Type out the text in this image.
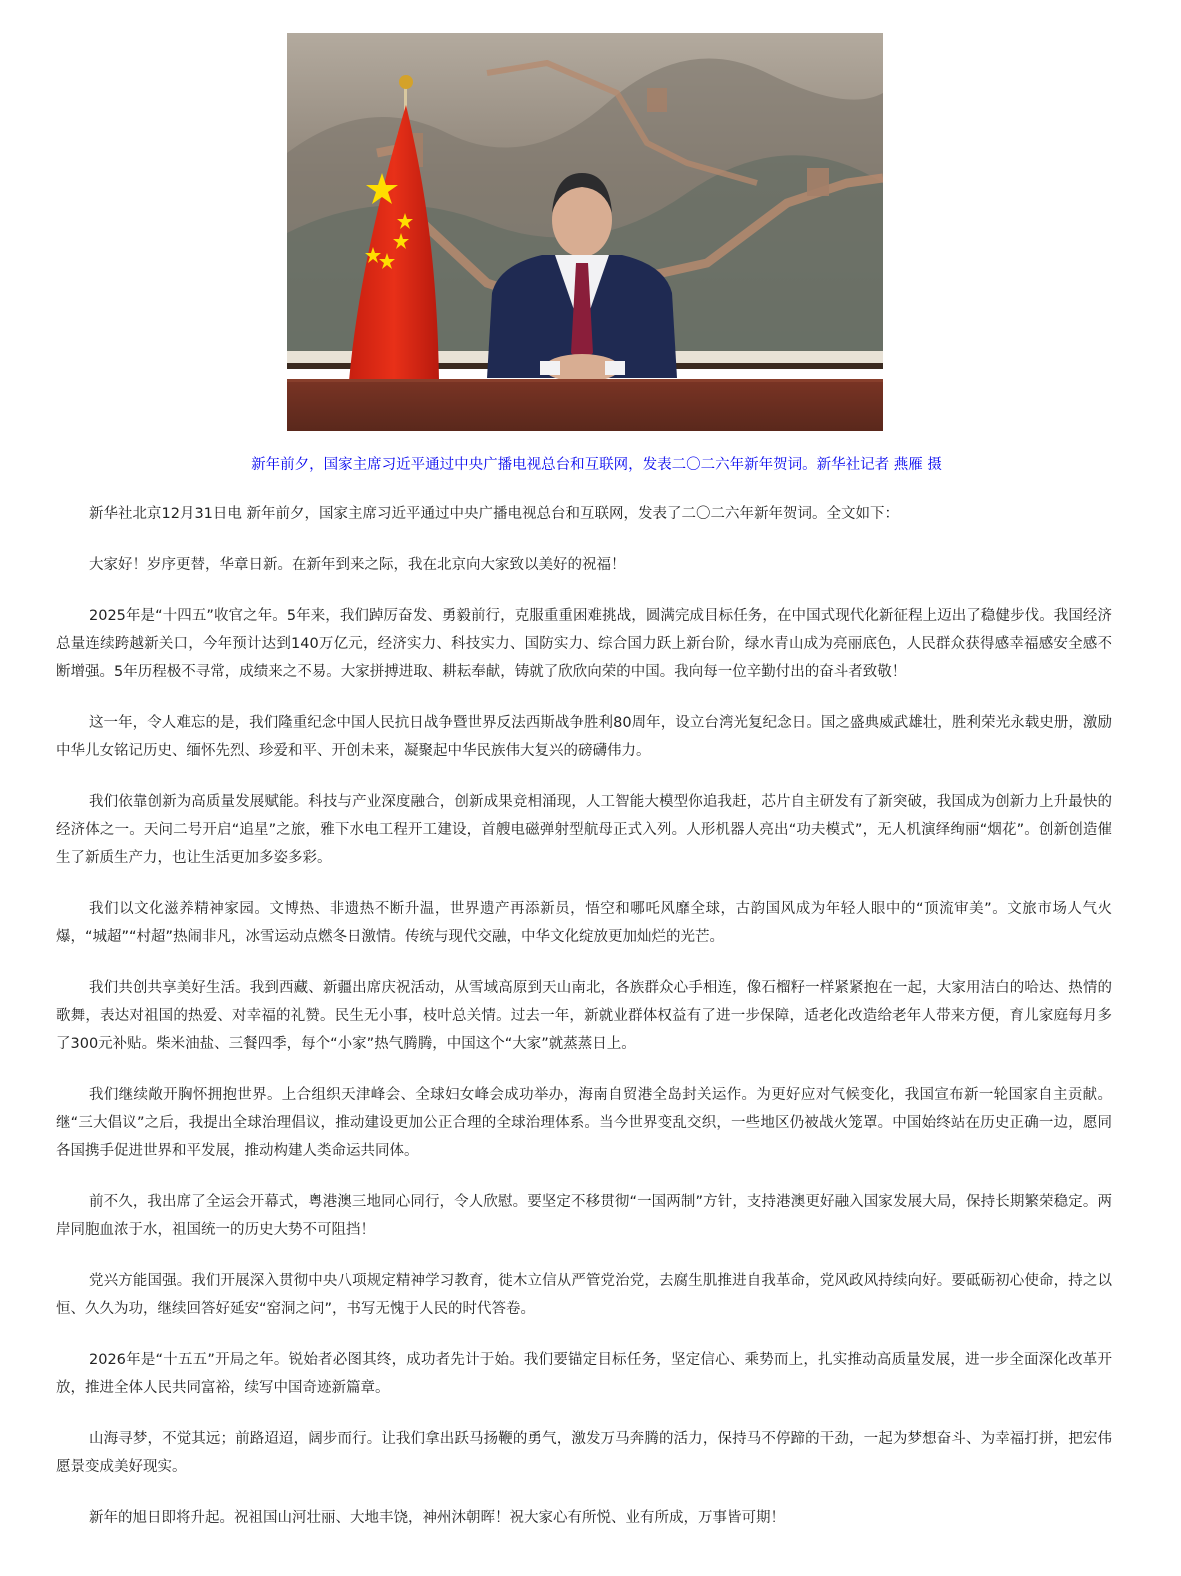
新年前夕，国家主席习近平通过中央广播电视总台和互联网，发表二〇二六年新年贺词。新华社记者 燕雁 摄

新华社北京12月31日电 新年前夕，国家主席习近平通过中央广播电视总台和互联网，发表了二〇二六年新年贺词。全文如下：

大家好！岁序更替，华章日新。在新年到来之际，我在北京向大家致以美好的祝福！

2025年是“十四五”收官之年。5年来，我们踔厉奋发、勇毅前行，克服重重困难挑战，圆满完成目标任务，在中国式现代化新征程上迈出了稳健步伐。我国经济总量连续跨越新关口，今年预计达到140万亿元，经济实力、科技实力、国防实力、综合国力跃上新台阶，绿水青山成为亮丽底色，人民群众获得感幸福感安全感不断增强。5年历程极不寻常，成绩来之不易。大家拼搏进取、耕耘奉献，铸就了欣欣向荣的中国。我向每一位辛勤付出的奋斗者致敬！

这一年，令人难忘的是，我们隆重纪念中国人民抗日战争暨世界反法西斯战争胜利80周年，设立台湾光复纪念日。国之盛典威武雄壮，胜利荣光永载史册，激励中华儿女铭记历史、缅怀先烈、珍爱和平、开创未来，凝聚起中华民族伟大复兴的磅礴伟力。

我们依靠创新为高质量发展赋能。科技与产业深度融合，创新成果竞相涌现，人工智能大模型你追我赶，芯片自主研发有了新突破，我国成为创新力上升最快的经济体之一。天问二号开启“追星”之旅，雅下水电工程开工建设，首艘电磁弹射型航母正式入列。人形机器人亮出“功夫模式”，无人机演绎绚丽“烟花”。创新创造催生了新质生产力，也让生活更加多姿多彩。

我们以文化滋养精神家园。文博热、非遗热不断升温，世界遗产再添新员，悟空和哪吒风靡全球，古韵国风成为年轻人眼中的“顶流审美”。文旅市场人气火爆，“城超”“村超”热闹非凡，冰雪运动点燃冬日激情。传统与现代交融，中华文化绽放更加灿烂的光芒。

我们共创共享美好生活。我到西藏、新疆出席庆祝活动，从雪域高原到天山南北，各族群众心手相连，像石榴籽一样紧紧抱在一起，大家用洁白的哈达、热情的歌舞，表达对祖国的热爱、对幸福的礼赞。民生无小事，枝叶总关情。过去一年，新就业群体权益有了进一步保障，适老化改造给老年人带来方便，育儿家庭每月多了300元补贴。柴米油盐、三餐四季，每个“小家”热气腾腾，中国这个“大家”就蒸蒸日上。

我们继续敞开胸怀拥抱世界。上合组织天津峰会、全球妇女峰会成功举办，海南自贸港全岛封关运作。为更好应对气候变化，我国宣布新一轮国家自主贡献。继“三大倡议”之后，我提出全球治理倡议，推动建设更加公正合理的全球治理体系。当今世界变乱交织，一些地区仍被战火笼罩。中国始终站在历史正确一边，愿同各国携手促进世界和平发展，推动构建人类命运共同体。

前不久，我出席了全运会开幕式，粤港澳三地同心同行，令人欣慰。要坚定不移贯彻“一国两制”方针，支持港澳更好融入国家发展大局，保持长期繁荣稳定。两岸同胞血浓于水，祖国统一的历史大势不可阻挡！

党兴方能国强。我们开展深入贯彻中央八项规定精神学习教育，徙木立信从严管党治党，去腐生肌推进自我革命，党风政风持续向好。要砥砺初心使命，持之以恒、久久为功，继续回答好延安“窑洞之问”，书写无愧于人民的时代答卷。

2026年是“十五五”开局之年。锐始者必图其终，成功者先计于始。我们要锚定目标任务，坚定信心、乘势而上，扎实推动高质量发展，进一步全面深化改革开放，推进全体人民共同富裕，续写中国奇迹新篇章。

山海寻梦，不觉其远；前路迢迢，阔步而行。让我们拿出跃马扬鞭的勇气，激发万马奔腾的活力，保持马不停蹄的干劲，一起为梦想奋斗、为幸福打拼，把宏伟愿景变成美好现实。

新年的旭日即将升起。祝祖国山河壮丽、大地丰饶，神州沐朝晖！祝大家心有所悦、业有所成，万事皆可期！
